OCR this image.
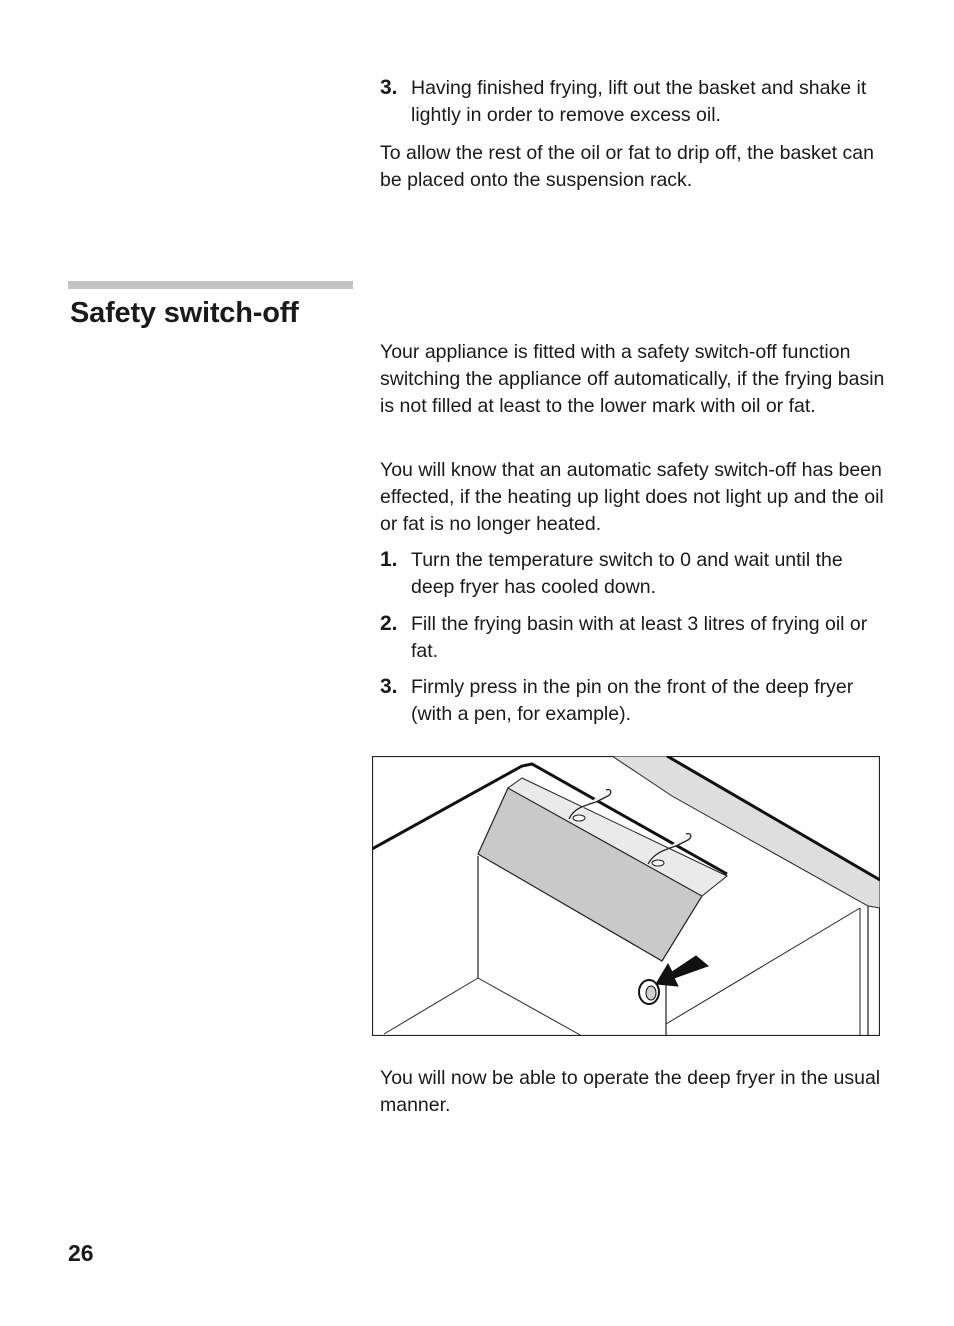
3. Having finished frying, lift out the basket and shake it lightly in order to remove excess oil.

To allow the rest of the oil or fat to drip off, the basket can be placed onto the suspension rack.

Safety switch-off

Your appliance is fitted with a safety switch-off function switching the appliance off automatically, if the frying basin is not filled at least to the lower mark with oil or fat.

You will know that an automatic safety switch-off has been effected, if the heating up light does not light up and the oil or fat is no longer heated.

1. Turn the temperature switch to 0 and wait until the deep fryer has cooled down.
2. Fill the frying basin with at least 3 litres of frying oil or fat.
3. Firmly press in the pin on the front of the deep fryer (with a pen, for example).

You will now be able to operate the deep fryer in the usual manner.

26
